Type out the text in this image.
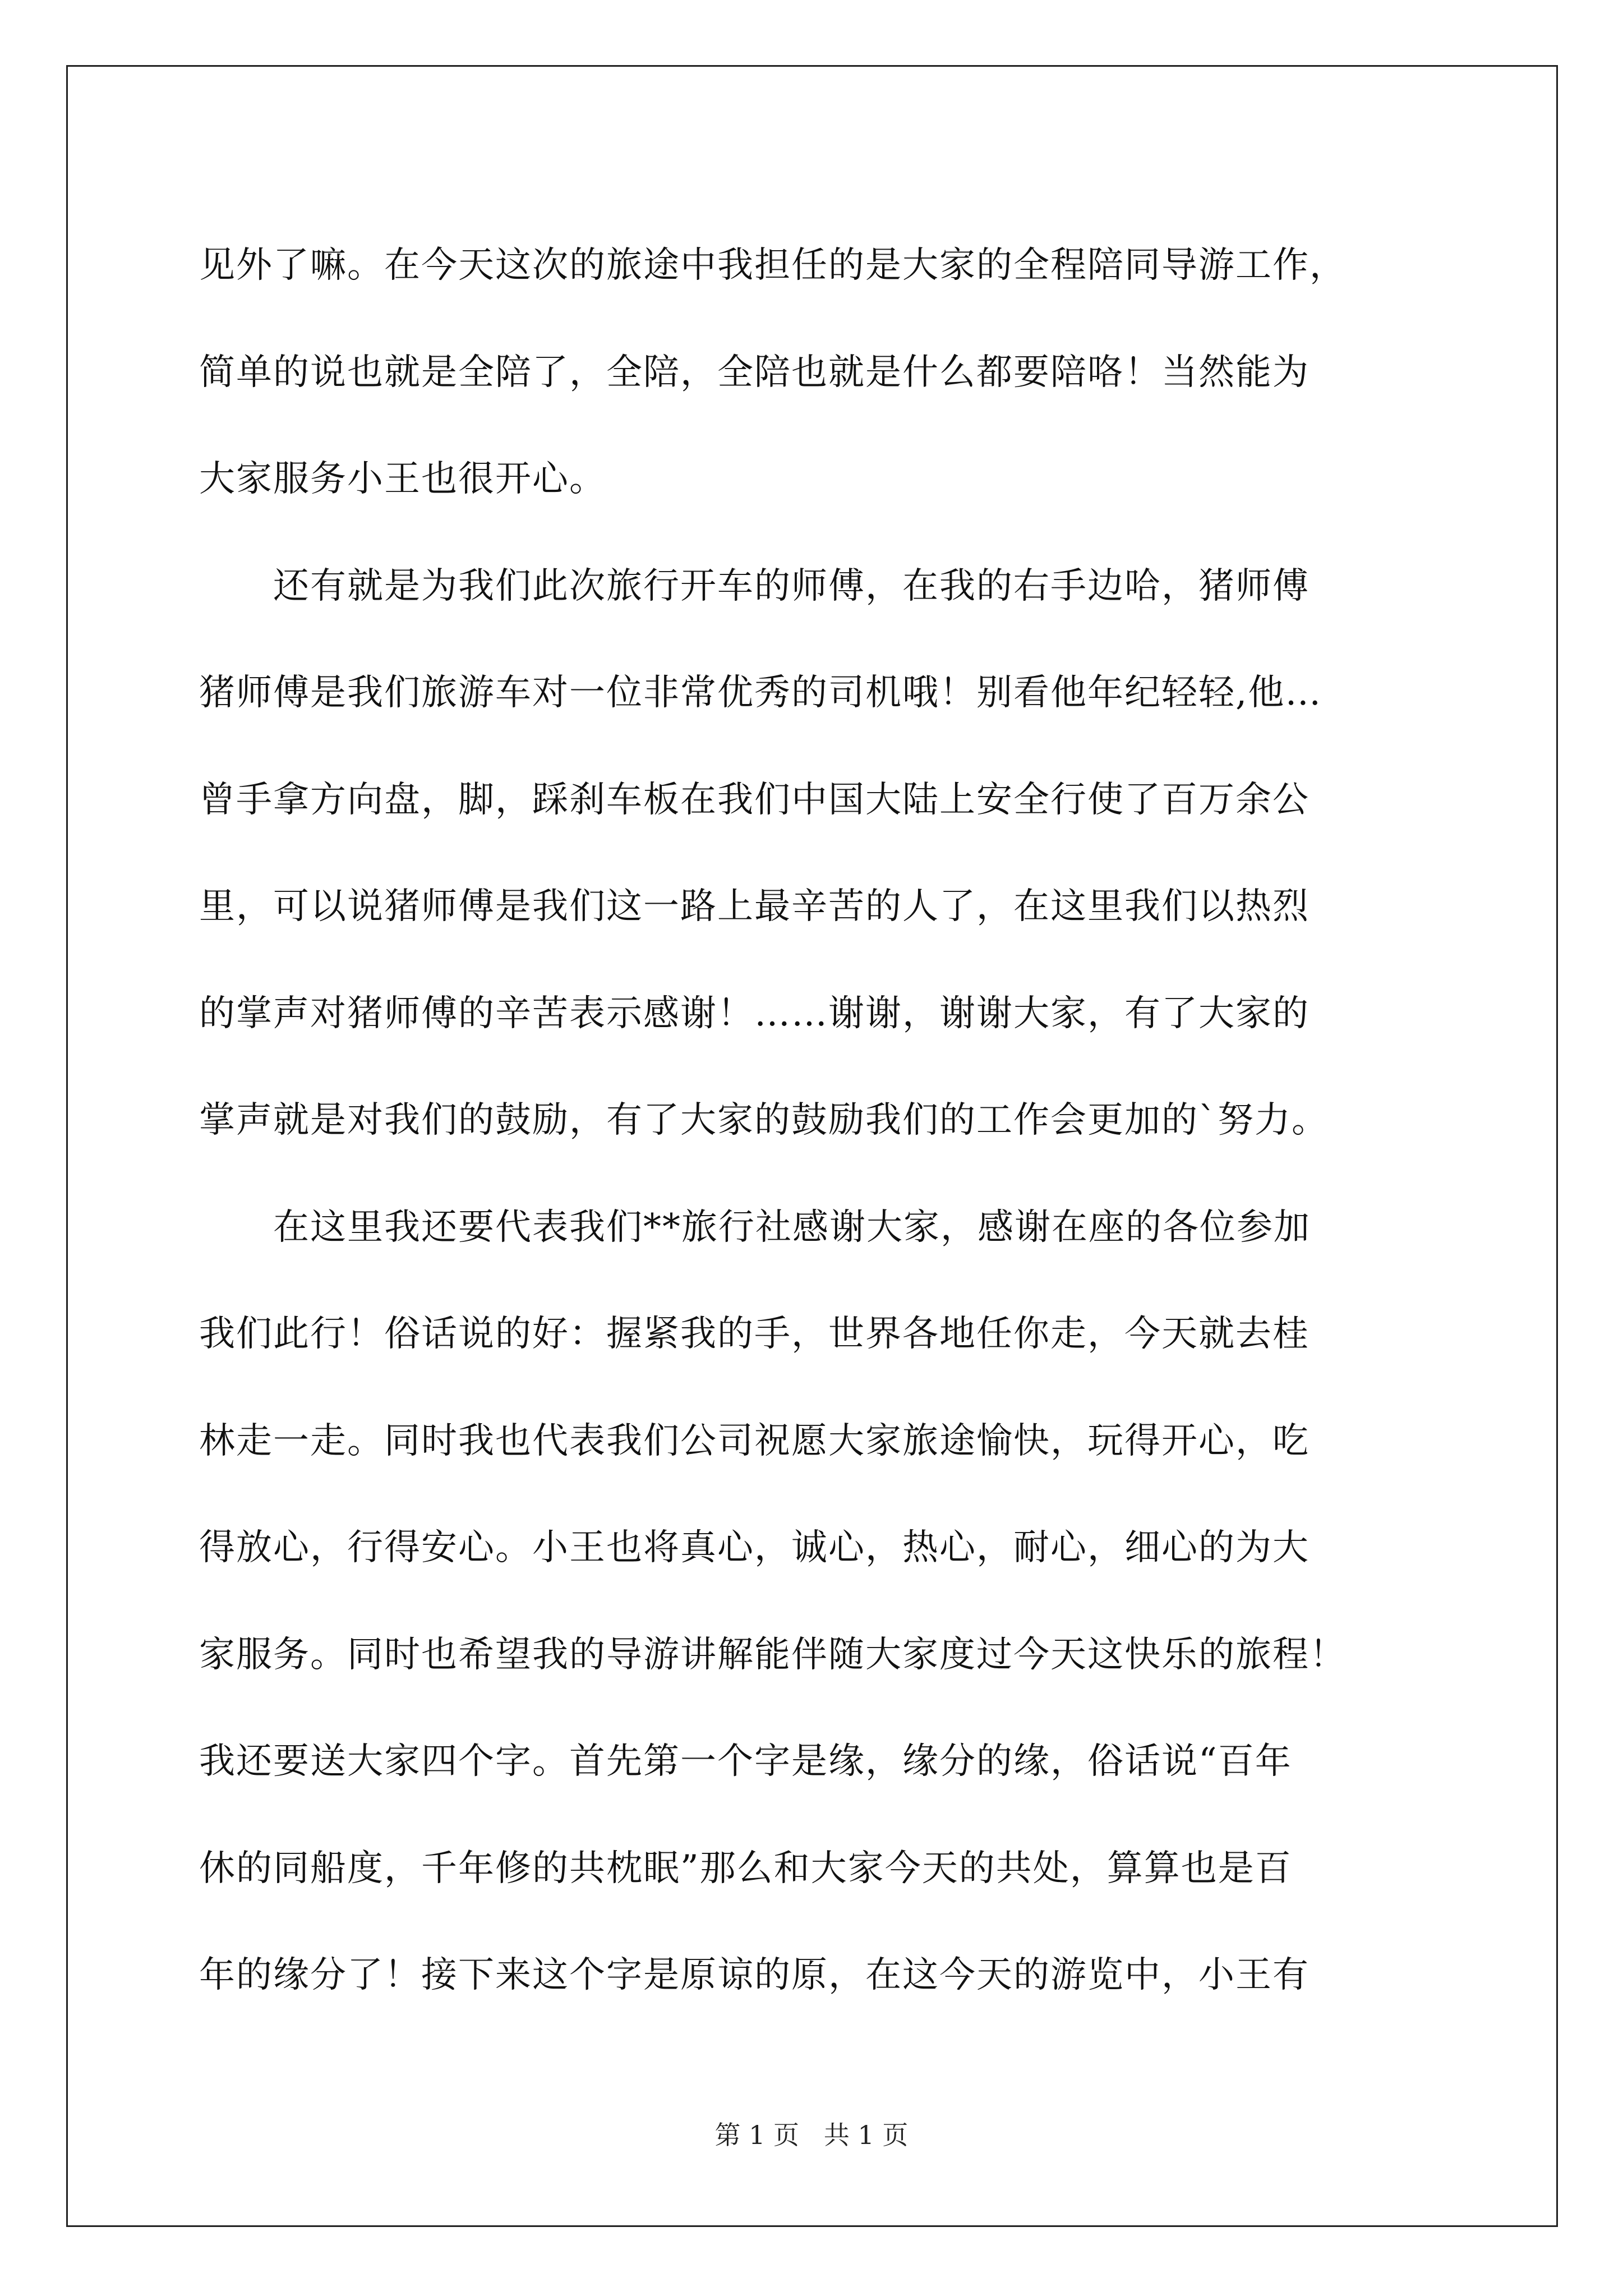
见外了嘛。在今天这次的旅途中我担任的是大家的全程陪同导游工作，
简单的说也就是全陪了，全陪，全陪也就是什么都要陪咯！当然能为
大家服务小王也很开心。
　　还有就是为我们此次旅行开车的师傅，在我的右手边哈，猪师傅
猪师傅是我们旅游车对一位非常优秀的司机哦！别看他年纪轻轻,他…
曾手拿方向盘，脚，踩刹车板在我们中国大陆上安全行使了百万余公
里，可以说猪师傅是我们这一路上最辛苦的人了，在这里我们以热烈
的掌声对猪师傅的辛苦表示感谢！……谢谢，谢谢大家，有了大家的
掌声就是对我们的鼓励，有了大家的鼓励我们的工作会更加的`努力。
　　在这里我还要代表我们**旅行社感谢大家，感谢在座的各位参加
我们此行！俗话说的好：握紧我的手，世界各地任你走，今天就去桂
林走一走。同时我也代表我们公司祝愿大家旅途愉快，玩得开心，吃
得放心，行得安心。小王也将真心，诚心，热心，耐心，细心的为大
家服务。同时也希望我的导游讲解能伴随大家度过今天这快乐的旅程！
我还要送大家四个字。首先第一个字是缘，缘分的缘，俗话说“百年
休的同船度，千年修的共枕眠”那么和大家今天的共处，算算也是百
年的缘分了！接下来这个字是原谅的原，在这今天的游览中，小王有
第 1 页   共 1 页
